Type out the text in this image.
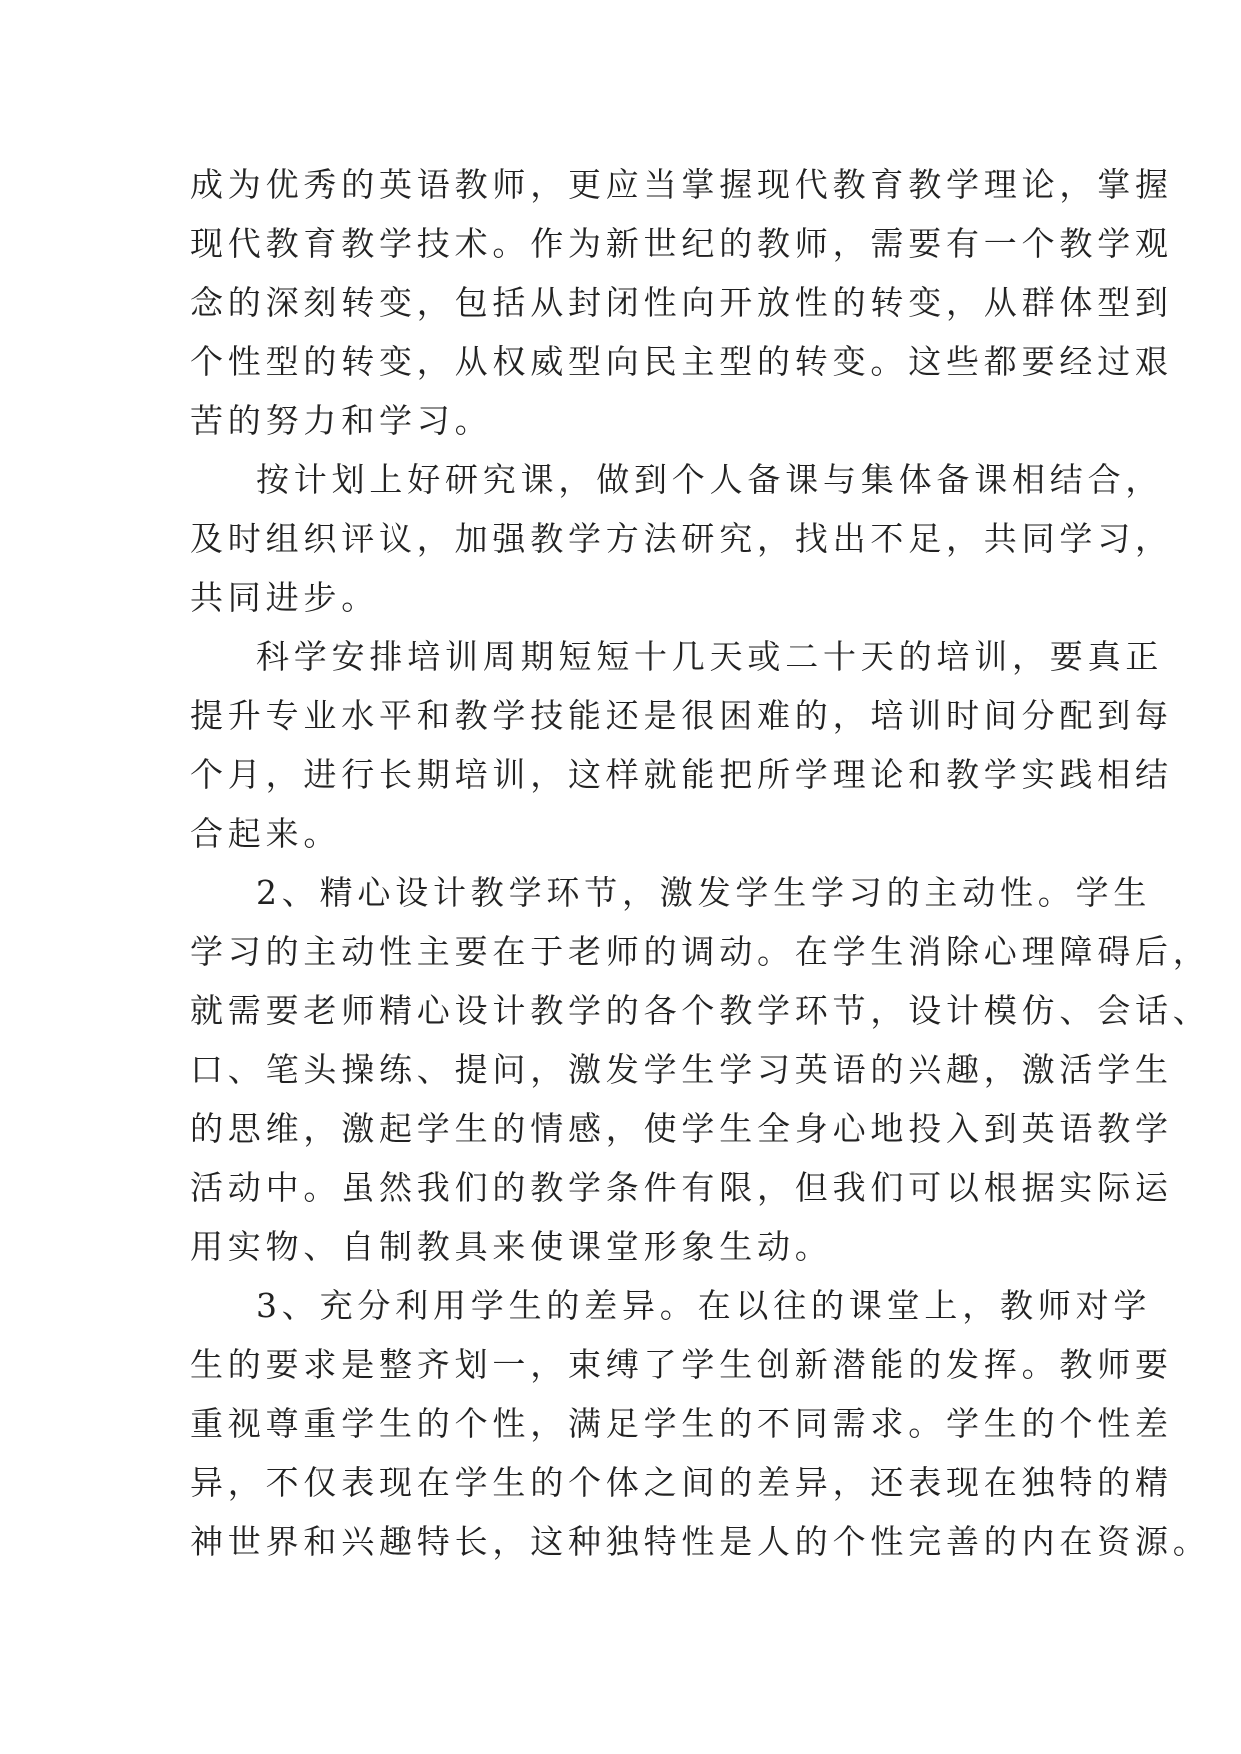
成为优秀的英语教师，更应当掌握现代教育教学理论，掌握

现代教育教学技术。作为新世纪的教师，需要有一个教学观

念的深刻转变，包括从封闭性向开放性的转变，从群体型到

个性型的转变，从权威型向民主型的转变。这些都要经过艰

苦的努力和学习。

按计划上好研究课，做到个人备课与集体备课相结合，

及时组织评议，加强教学方法研究，找出不足，共同学习，

共同进步。

科学安排培训周期短短十几天或二十天的培训，要真正

提升专业水平和教学技能还是很困难的，培训时间分配到每

个月，进行长期培训，这样就能把所学理论和教学实践相结

合起来。

2、精心设计教学环节，激发学生学习的主动性。学生

学习的主动性主要在于老师的调动。在学生消除心理障碍后，

就需要老师精心设计教学的各个教学环节，设计模仿、会话、

口、笔头操练、提问，激发学生学习英语的兴趣，激活学生

的思维，激起学生的情感，使学生全身心地投入到英语教学

活动中。虽然我们的教学条件有限，但我们可以根据实际运

用实物、自制教具来使课堂形象生动。

3、充分利用学生的差异。在以往的课堂上，教师对学

生的要求是整齐划一，束缚了学生创新潜能的发挥。教师要

重视尊重学生的个性，满足学生的不同需求。学生的个性差

异，不仅表现在学生的个体之间的差异，还表现在独特的精

神世界和兴趣特长，这种独特性是人的个性完善的内在资源。
